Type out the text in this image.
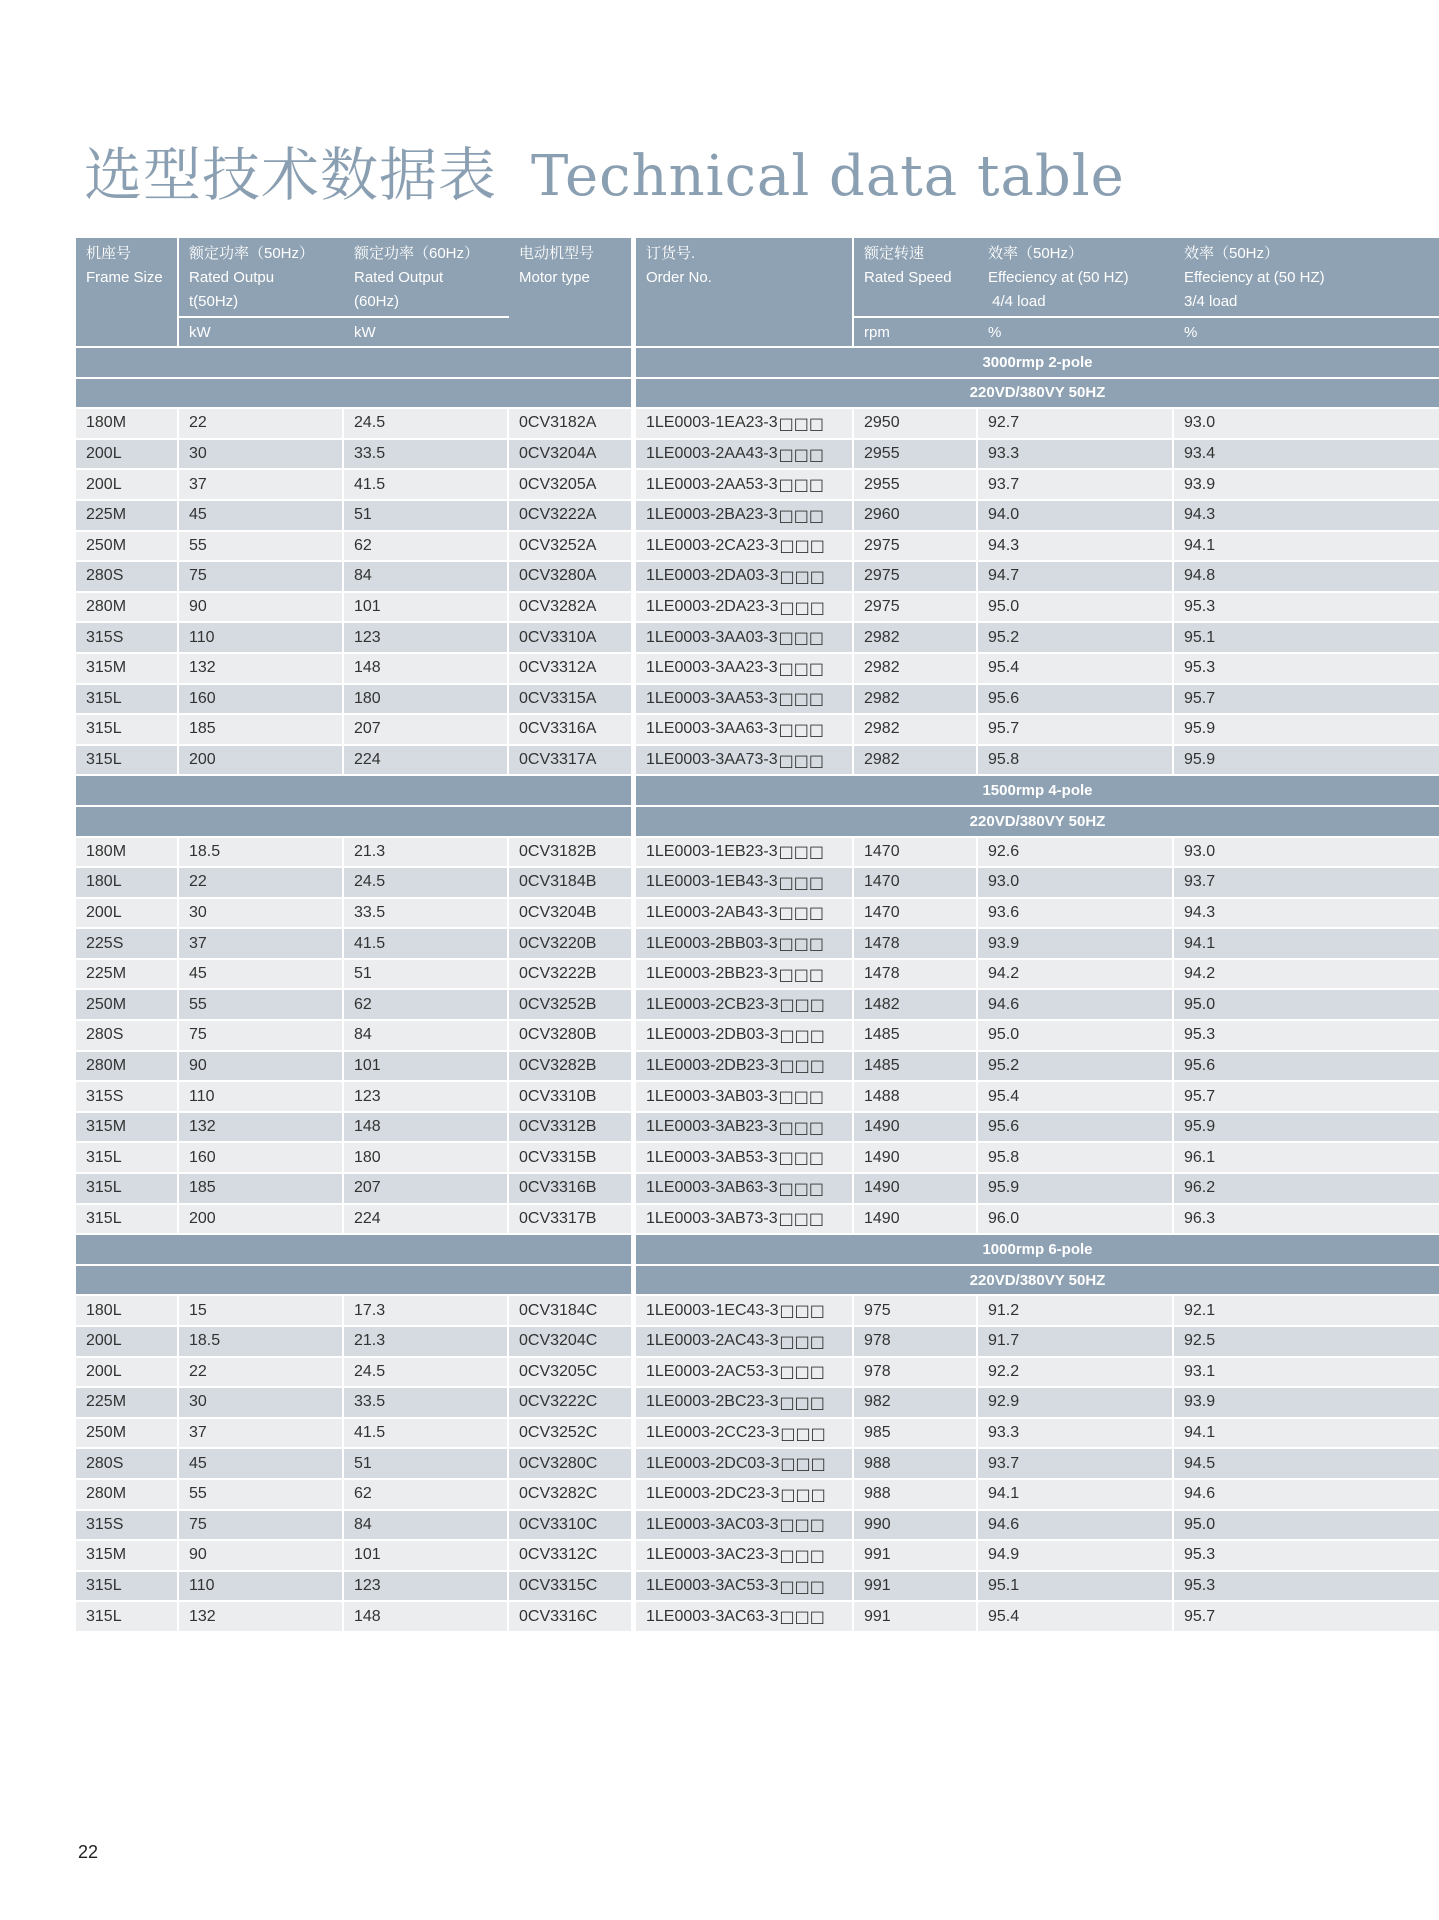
选型技术数据表 Technical data table
机座号
Frame Size
额定功率（50Hz）
Rated Outpu
t(50Hz)
kW
额定功率（60Hz）
Rated Output
(60Hz)
kW
电动机型号
Motor type
订货号.
Order No.
额定转速
Rated Speed
rpm
效率（50Hz）
Effeciency at (50 HZ)
4/4 load
%
效率（50Hz）
Effeciency at (50 HZ)
3/4 load
%
3000rmp 2-pole
220VD/380VY 50HZ
180M	22	24.5	0CV3182A	1LE0003-1EA23-3 □□□ 2950	92.7	93.0
200L	30	33.5	0CV3204A	1LE0003-2AA43-3 □□□ 2955	93.3	93.4
200L	37	41.5	0CV3205A	1LE0003-2AA53-3 □□□ 2955	93.7	93.9
225M	45	51	0CV3222A	1LE0003-2BA23-3 □□□ 2960	94.0	94.3
250M	55	62	0CV3252A	1LE0003-2CA23-3 □□□ 2975	94.3	94.1
280S	75	84	0CV3280A	1LE0003-2DA03-3 □□□ 2975	94.7	94.8
280M	90	101	0CV3282A	1LE0003-2DA23-3 □□□ 2975	95.0	95.3
315S	110	123	0CV3310A	1LE0003-3AA03-3 □□□ 2982	95.2	95.1
315M	132	148	0CV3312A	1LE0003-3AA23-3 □□□ 2982	95.4	95.3
315L	160	180	0CV3315A	1LE0003-3AA53-3 □□□ 2982	95.6	95.7
315L	185	207	0CV3316A	1LE0003-3AA63-3 □□□ 2982	95.7	95.9
315L	200	224	0CV3317A	1LE0003-3AA73-3 □□□ 2982	95.8	95.9
1500rmp 4-pole
220VD/380VY 50HZ
180M	18.5	21.3	0CV3182B	1LE0003-1EB23-3 □□□ 1470	92.6	93.0
180L	22	24.5	0CV3184B	1LE0003-1EB43-3 □□□ 1470	93.0	93.7
200L	30	33.5	0CV3204B	1LE0003-2AB43-3 □□□ 1470	93.6	94.3
225S	37	41.5	0CV3220B	1LE0003-2BB03-3 □□□ 1478	93.9	94.1
225M	45	51	0CV3222B	1LE0003-2BB23-3 □□□ 1478	94.2	94.2
250M	55	62	0CV3252B	1LE0003-2CB23-3 □□□ 1482	94.6	95.0
280S	75	84	0CV3280B	1LE0003-2DB03-3 □□□ 1485	95.0	95.3
280M	90	101	0CV3282B	1LE0003-2DB23-3 □□□ 1485	95.2	95.6
315S	110	123	0CV3310B	1LE0003-3AB03-3 □□□ 1488	95.4	95.7
315M	132	148	0CV3312B	1LE0003-3AB23-3 □□□ 1490	95.6	95.9
315L	160	180	0CV3315B	1LE0003-3AB53-3 □□□ 1490	95.8	96.1
315L	185	207	0CV3316B	1LE0003-3AB63-3 □□□ 1490	95.9	96.2
315L	200	224	0CV3317B	1LE0003-3AB73-3 □□□ 1490	96.0	96.3
1000rmp 6-pole
220VD/380VY 50HZ
180L	15	17.3	0CV3184C	1LE0003-1EC43-3 □□□ 975	91.2	92.1
200L	18.5	21.3	0CV3204C	1LE0003-2AC43-3 □□□ 978	91.7	92.5
200L	22	24.5	0CV3205C	1LE0003-2AC53-3 □□□ 978	92.2	93.1
225M	30	33.5	0CV3222C	1LE0003-2BC23-3 □□□ 982	92.9	93.9
250M	37	41.5	0CV3252C	1LE0003-2CC23-3 □□□ 985	93.3	94.1
280S	45	51	0CV3280C	1LE0003-2DC03-3 □□□ 988	93.7	94.5
280M	55	62	0CV3282C	1LE0003-2DC23-3 □□□ 988	94.1	94.6
315S	75	84	0CV3310C	1LE0003-3AC03-3 □□□ 990	94.6	95.0
315M	90	101	0CV3312C	1LE0003-3AC23-3 □□□ 991	94.9	95.3
315L	110	123	0CV3315C	1LE0003-3AC53-3 □□□ 991	95.1	95.3
315L	132	148	0CV3316C	1LE0003-3AC63-3 □□□ 991	95.4	95.7
22
